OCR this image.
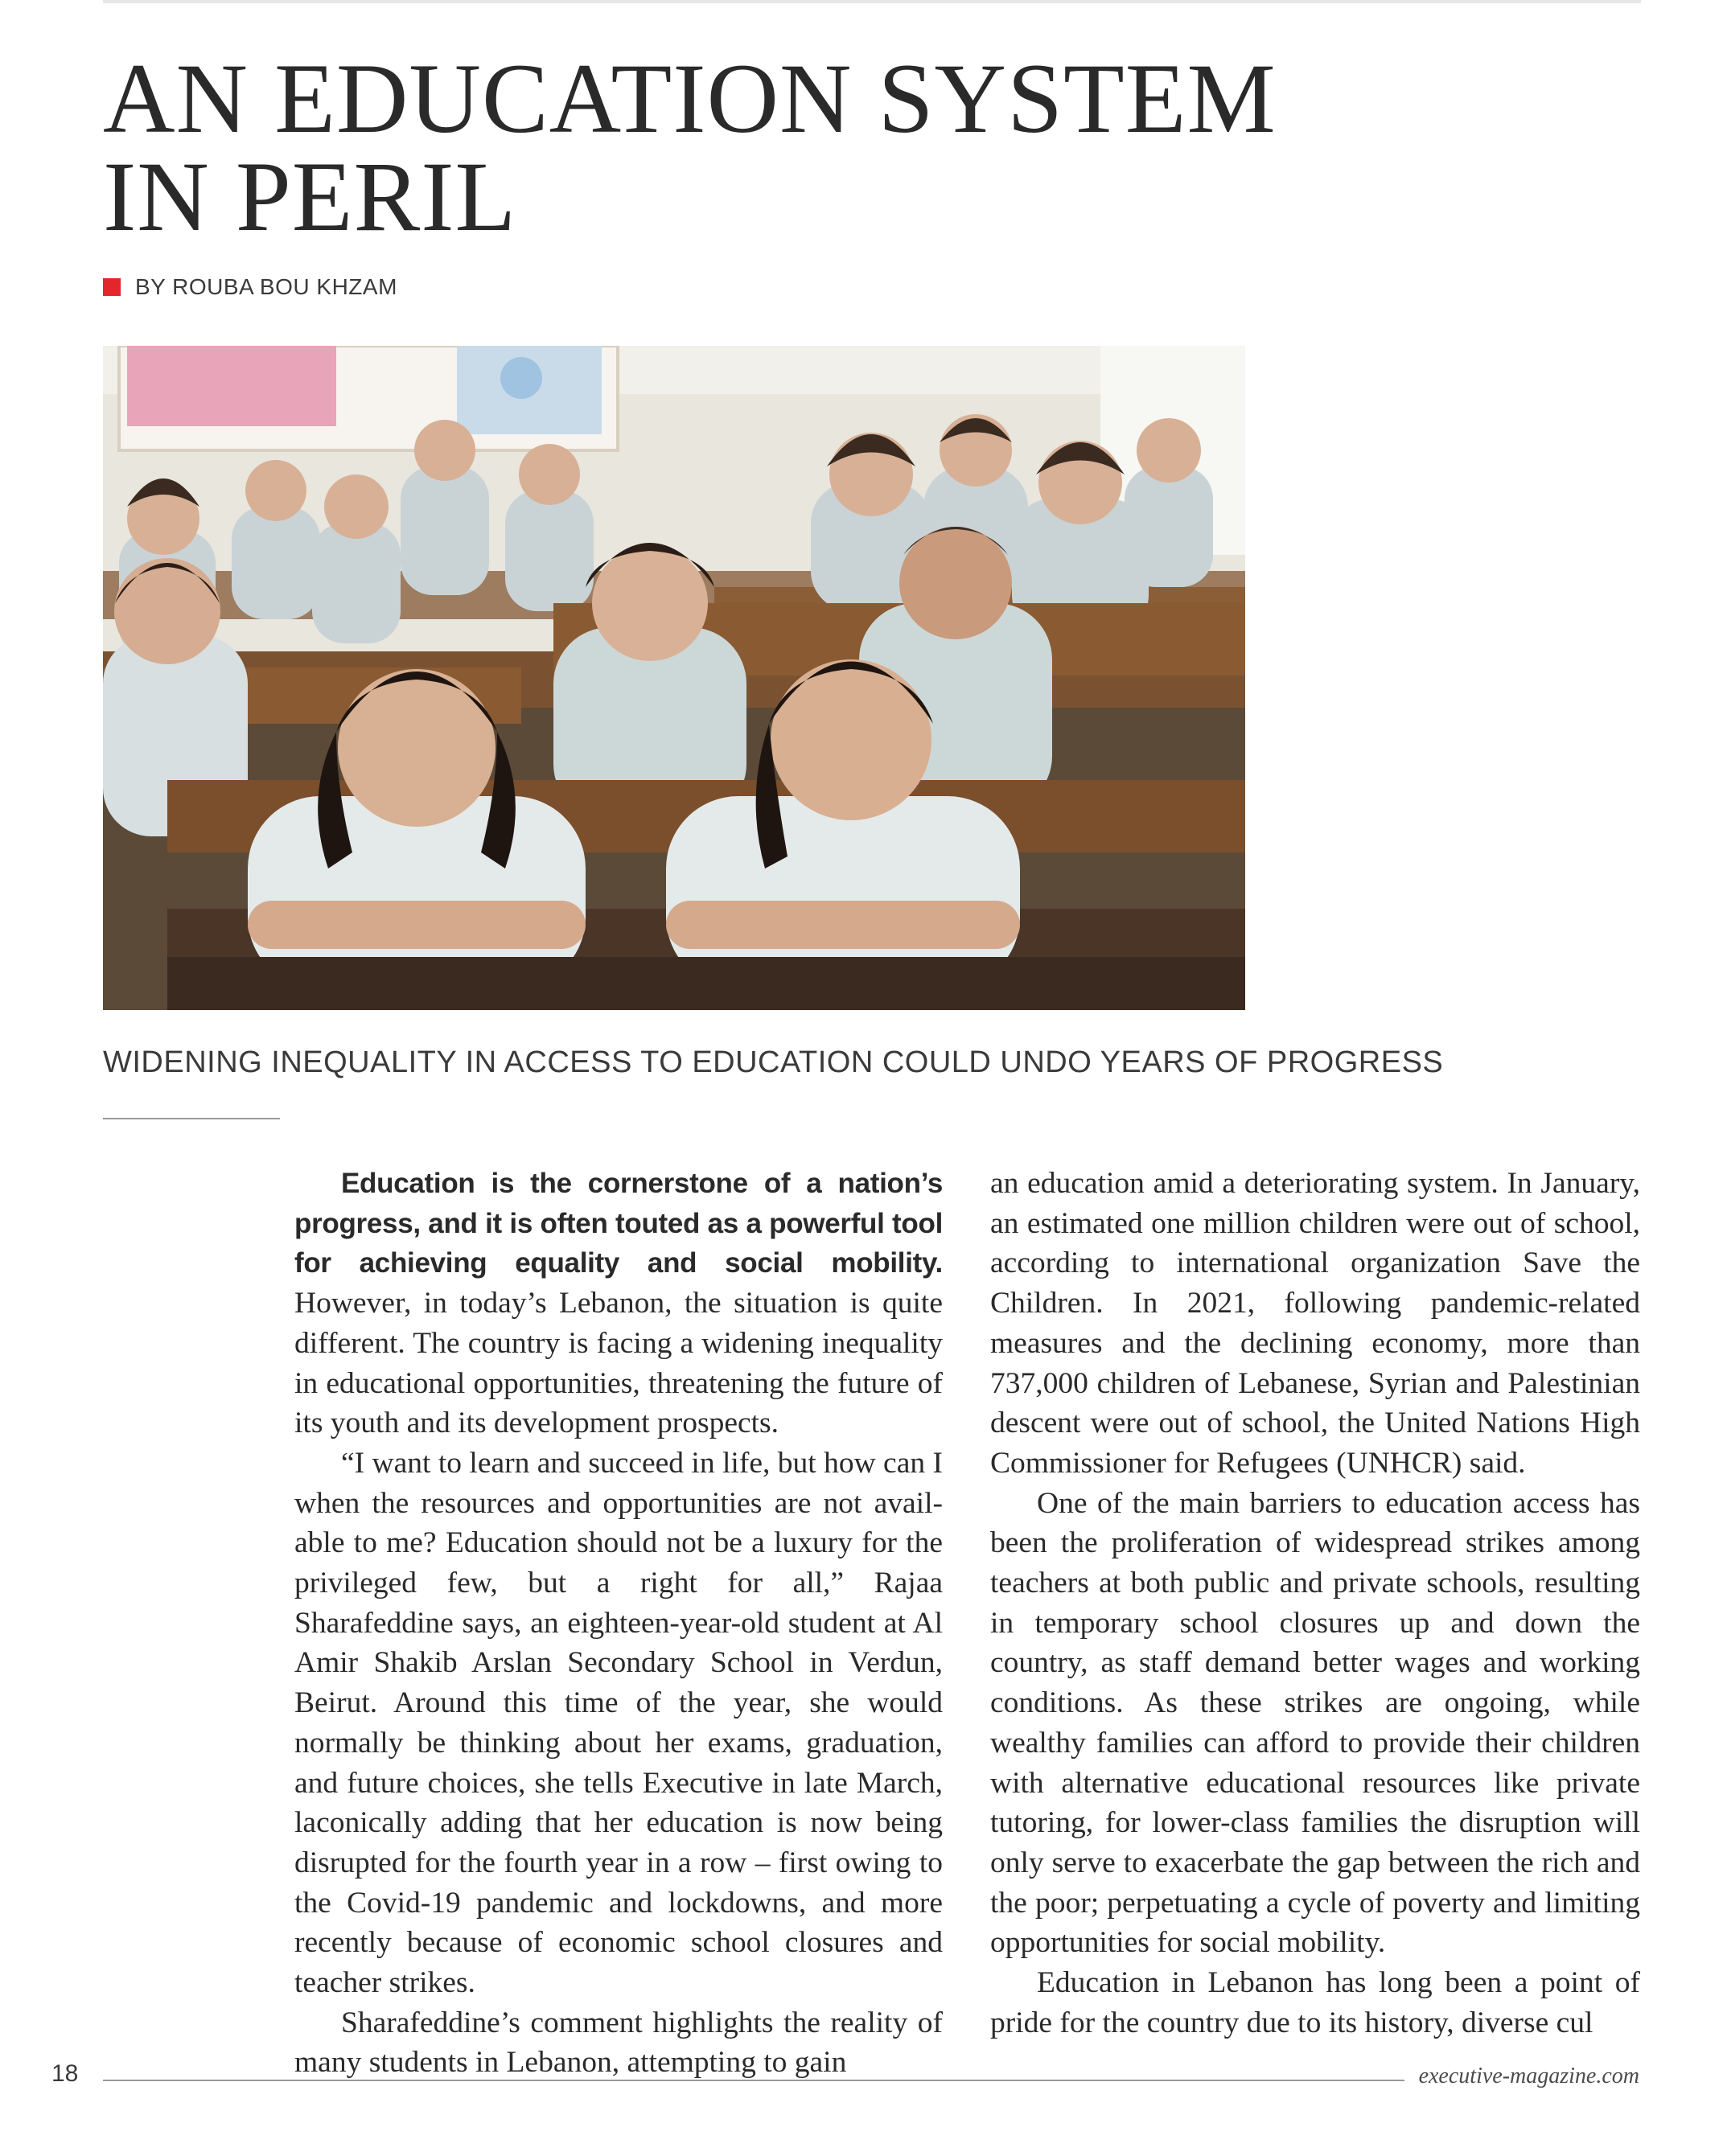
AN EDUCATION SYSTEM
IN PERIL
BY ROUBA BOU KHZAM
WIDENING INEQUALITY IN ACCESS TO EDUCATION COULD UNDO YEARS OF PROGRESS

Education is the cornerstone of a nation’s progress, and it is often touted as a powerful tool for achieving equality and social mobility. However, in today’s Lebanon, the situation is quite different. The country is facing a widening inequality in educational opportunities, threatening the future of its youth and its development prospects.

“I want to learn and succeed in life, but how can I when the resources and opportunities are not available to me? Education should not be a luxury for the privileged few, but a right for all,” Rajaa Sharafeddine says, an eighteen-year-old student at Al Amir Shakib Arslan Secondary School in Verdun, Beirut. Around this time of the year, she would normally be thinking about her exams, graduation, and future choices, she tells Executive in late March, laconically adding that her education is now being disrupted for the fourth year in a row – first owing to the Covid-19 pandemic and lockdowns, and more recently because of economic school closures and teacher strikes.

Sharafeddine’s comment highlights the reality of many students in Lebanon, attempting to gain

an education amid a deteriorating system. In January, an estimated one million children were out of school, according to international organization Save the Children. In 2021, following pandemic-related measures and the declining economy, more than 737,000 children of Lebanese, Syrian and Palestinian descent were out of school, the United Nations High Commissioner for Refugees (UNHCR) said.

One of the main barriers to education access has been the proliferation of widespread strikes among teachers at both public and private schools, resulting in temporary school closures up and down the country, as staff demand better wages and working conditions. As these strikes are ongoing, while wealthy families can afford to provide their children with alternative educational resources like private tutoring, for lower-class families the disruption will only serve to exacerbate the gap between the rich and the poor; perpetuating a cycle of poverty and limiting opportunities for social mobility.

Education in Lebanon has long been a point of pride for the country due to its history, diverse cul

18	executive-magazine.com
